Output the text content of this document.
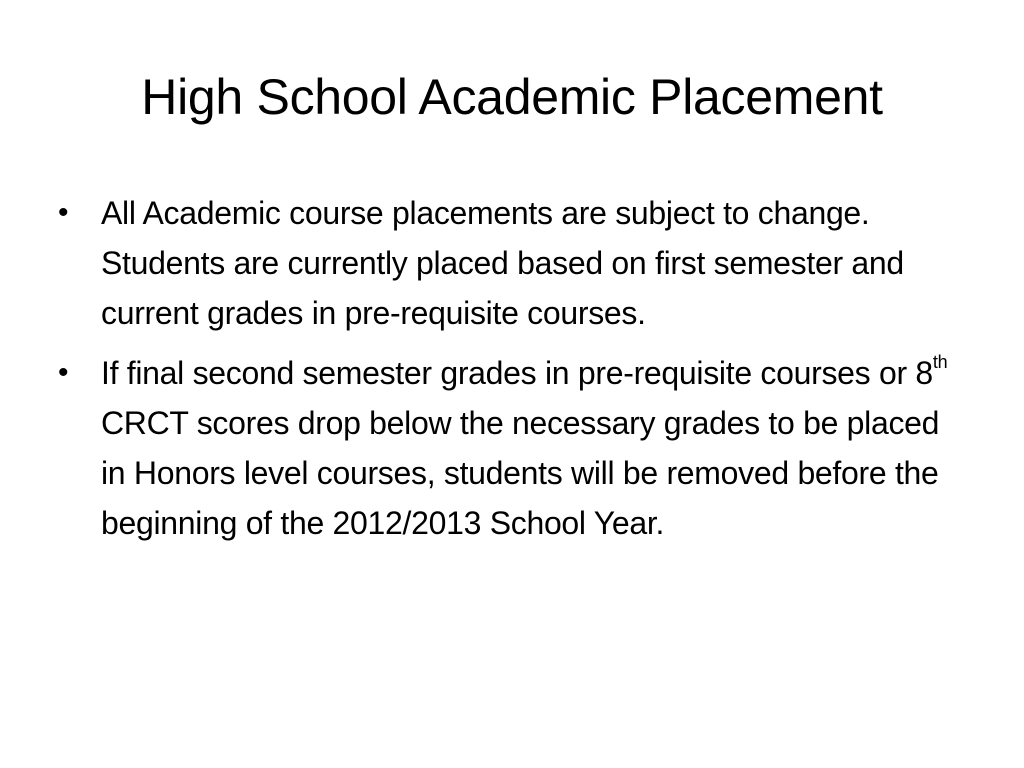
High School Academic Placement
•	All Academic course placements are subject to change. Students are currently placed based on first semester and current grades in pre-requisite courses.
•	If final second semester grades in pre-requisite courses or 8th CRCT scores drop below the necessary grades to be placed in Honors level courses, students will be removed before the beginning of the 2012/2013 School Year.
